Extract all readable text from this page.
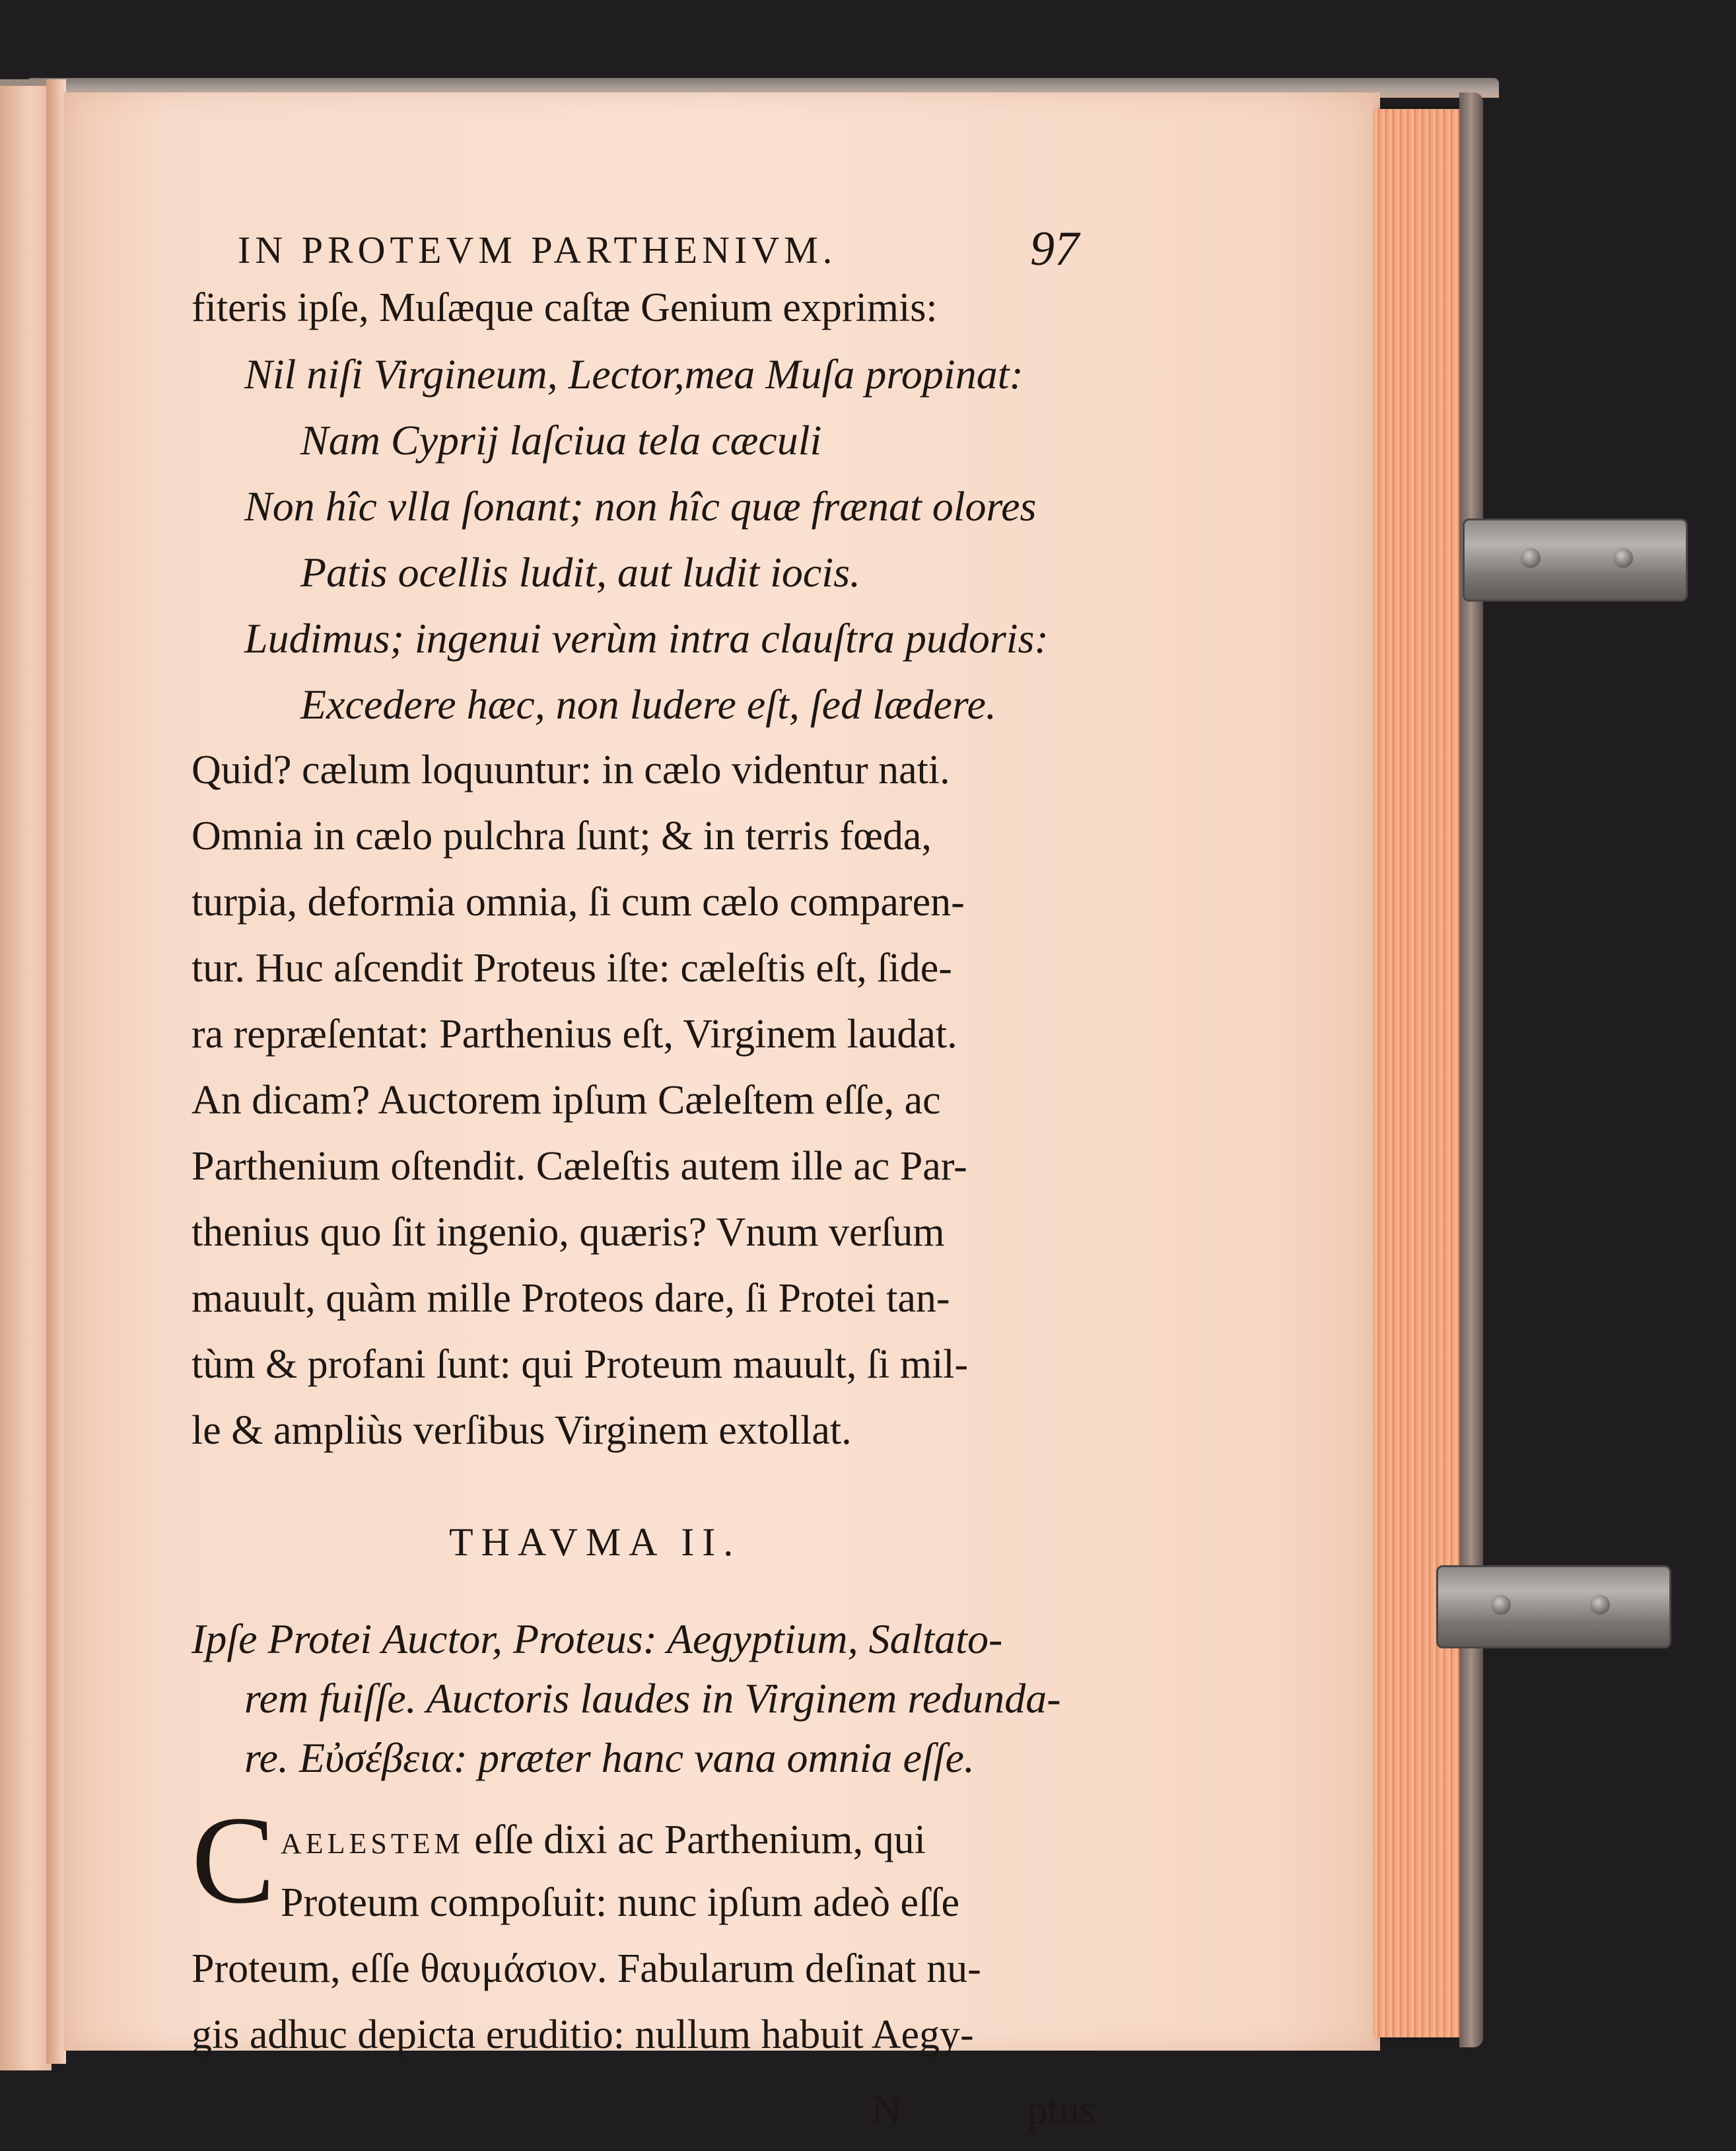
IN PROTEVM PARTHENIVM.	97
fiteris ipſe, Muſæque caſtæ Genium exprimis:
Nil niſi Virgineum, Lector,mea Muſa propinat:
Nam Cyprij laſciua tela cæculi
Non hîc vlla ſonant; non hîc quæ frænat olores
Patis ocellis ludit, aut ludit iocis.
Ludimus; ingenui verùm intra clauſtra pudoris:
Excedere hæc, non ludere eſt, ſed lædere.
Quid? cælum loquuntur: in cælo videntur nati.
Omnia in cælo pulchra ſunt; & in terris fœda,
turpia, deformia omnia, ſi cum cælo comparen-
tur. Huc aſcendit Proteus iſte: cæleſtis eſt, ſide-
ra repræſentat: Parthenius eſt, Virginem laudat.
An dicam? Auctorem ipſum Cæleſtem eſſe, ac
Parthenium oſtendit. Cæleſtis autem ille ac Par-
thenius quo ſit ingenio, quæris? Vnum verſum
mauult, quàm mille Proteos dare, ſi Protei tan-
tùm & profani ſunt: qui Proteum mauult, ſi mil-
le & ampliùs verſibus Virginem extollat.
THAVMA II.
Ipſe Protei Auctor, Proteus: Aegyptium, Saltato-
rem fuiſſe. Auctoris laudes in Virginem redunda-
re. Εὐσέβεια: præter hanc vana omnia eſſe.
C AELESTEM eſſe dixi ac Parthenium, qui
Proteum compoſuit: nunc ipſum adeò eſſe
Proteum, eſſe θαυμάσιον. Fabularum deſinat nu-
gis adhuc depicta eruditio: nullum habuit Aegy-
N	ptus
